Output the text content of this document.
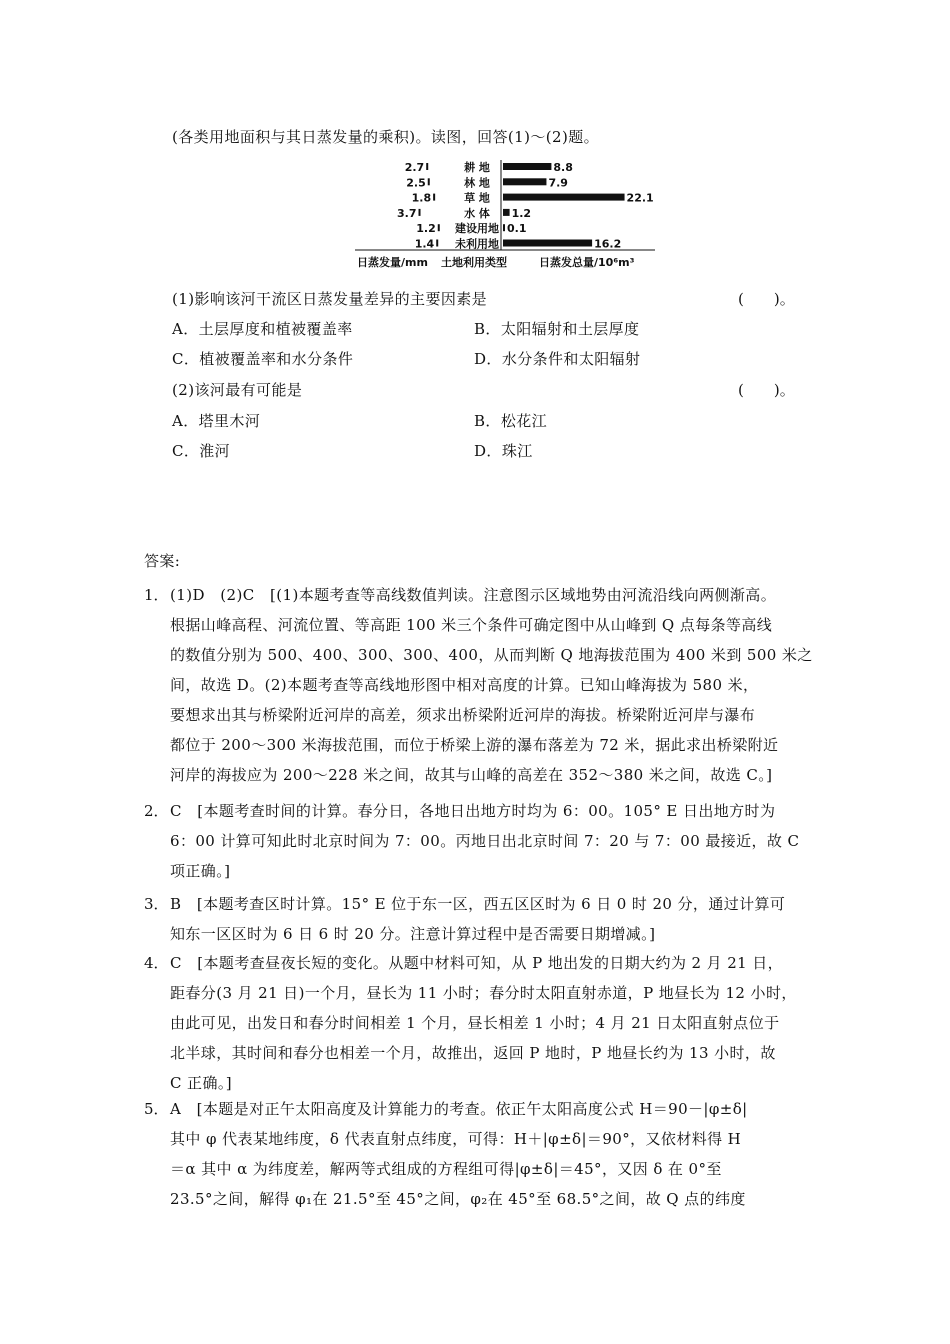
(各类用地面积与其日蒸发量的乘积)。读图，回答(1)～(2)题。
2.7	耕 地	8.8
2.5	林 地	7.9
1.8	草 地	22.1
3.7	水 体 1.2
1.2 建设用地 0.1
1.4 未利用地	16.2
日蒸发量/mm 土地利用类型	日蒸发总量/10⁶m³
(1)影响该河干流区日蒸发量差异的主要因素是	(　　)。
A．土层厚度和植被覆盖率	B．太阳辐射和土层厚度
C．植被覆盖率和水分条件	D．水分条件和太阳辐射
(2)该河最有可能是	(　　)。
A．塔里木河	B．松花江
C．淮河	D．珠江
答案:
1． (1)D　(2)C　[(1)本题考查等高线数值判读。注意图示区域地势由河流沿线向两侧渐高。
根据山峰高程、河流位置、等高距 100 米三个条件可确定图中从山峰到 Q 点每条等高线
的数值分别为 500、400、300、300、400，从而判断 Q 地海拔范围为 400 米到 500 米之
间，故选 D。(2)本题考查等高线地形图中相对高度的计算。已知山峰海拔为 580 米，
要想求出其与桥梁附近河岸的高差，须求出桥梁附近河岸的海拔。桥梁附近河岸与瀑布
都位于 200～300 米海拔范围，而位于桥梁上游的瀑布落差为 72 米，据此求出桥梁附近
河岸的海拔应为 200～228 米之间，故其与山峰的高差在 352～380 米之间，故选 C。]
2． C　[本题考查时间的计算。春分日，各地日出地方时均为 6：00。105° E 日出地方时为
6：00 计算可知此时北京时间为 7：00。丙地日出北京时间 7：20 与 7：00 最接近，故 C
项正确。]
3． B　[本题考查区时计算。15° E 位于东一区，西五区区时为 6 日 0 时 20 分，通过计算可
知东一区区时为 6 日 6 时 20 分。注意计算过程中是否需要日期增减。]
4． C　[本题考查昼夜长短的变化。从题中材料可知，从 P 地出发的日期大约为 2 月 21 日，
距春分(3 月 21 日)一个月，昼长为 11 小时；春分时太阳直射赤道，P 地昼长为 12 小时，
由此可见，出发日和春分时间相差 1 个月，昼长相差 1 小时；4 月 21 日太阳直射点位于
北半球，其时间和春分也相差一个月，故推出，返回 P 地时，P 地昼长约为 13 小时，故
C 正确。]
5． A　[本题是对正午太阳高度及计算能力的考查。依正午太阳高度公式 H＝90－|φ±δ|
其中 φ 代表某地纬度，δ 代表直射点纬度，可得：H＋|φ±δ|＝90°，又依材料得 H
＝α 其中 α 为纬度差，解两等式组成的方程组可得|φ±δ|＝45°，又因 δ 在 0°至
23.5°之间，解得 φ₁在 21.5°至 45°之间，φ₂在 45°至 68.5°之间，故 Q 点的纬度
